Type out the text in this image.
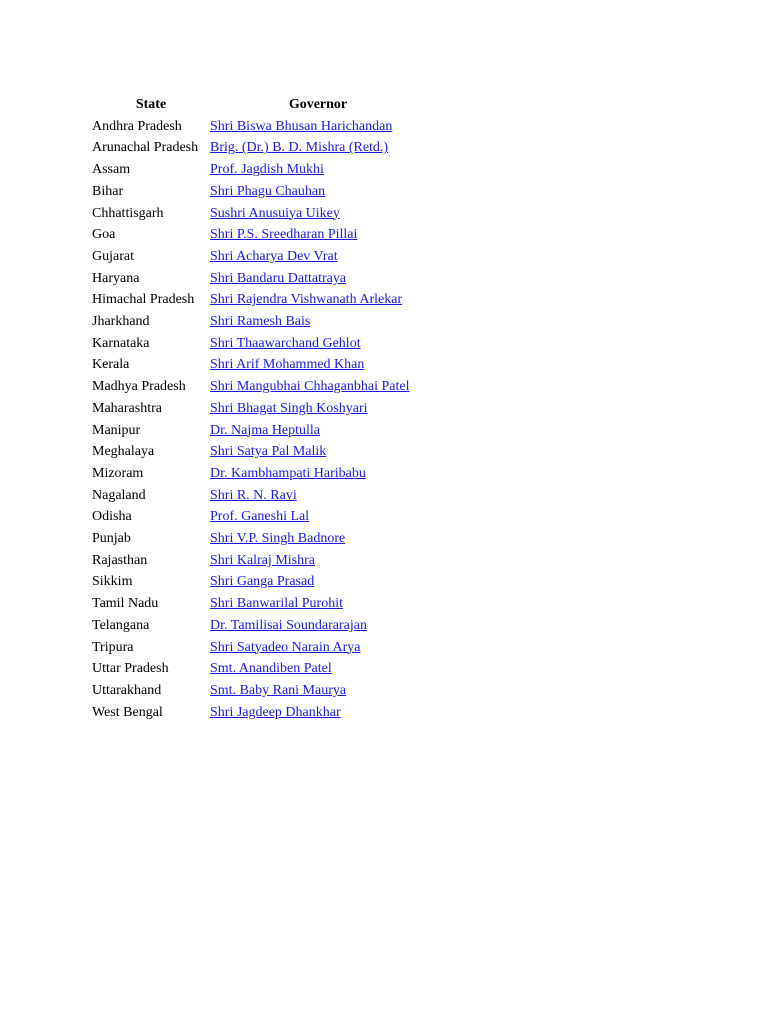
State	Governor
Andhra Pradesh	Shri Biswa Bhusan Harichandan
Arunachal Pradesh	Brig. (Dr.) B. D. Mishra (Retd.)
Assam	Prof. Jagdish Mukhi
Bihar	Shri Phagu Chauhan
Chhattisgarh	Sushri Anusuiya Uikey
Goa	Shri P.S. Sreedharan Pillai
Gujarat	Shri Acharya Dev Vrat
Haryana	Shri Bandaru Dattatraya
Himachal Pradesh	Shri Rajendra Vishwanath Arlekar
Jharkhand	Shri Ramesh Bais
Karnataka	Shri Thaawarchand Gehlot
Kerala	Shri Arif Mohammed Khan
Madhya Pradesh	Shri Mangubhai Chhaganbhai Patel
Maharashtra	Shri Bhagat Singh Koshyari
Manipur	Dr. Najma Heptulla
Meghalaya	Shri Satya Pal Malik
Mizoram	Dr. Kambhampati Haribabu
Nagaland	Shri R. N. Ravi
Odisha	Prof. Ganeshi Lal
Punjab	Shri V.P. Singh Badnore
Rajasthan	Shri Kalraj Mishra
Sikkim	Shri Ganga Prasad
Tamil Nadu	Shri Banwarilal Purohit
Telangana	Dr. Tamilisai Soundararajan
Tripura	Shri Satyadeo Narain Arya
Uttar Pradesh	Smt. Anandiben Patel
Uttarakhand	Smt. Baby Rani Maurya
West Bengal	Shri Jagdeep Dhankhar
